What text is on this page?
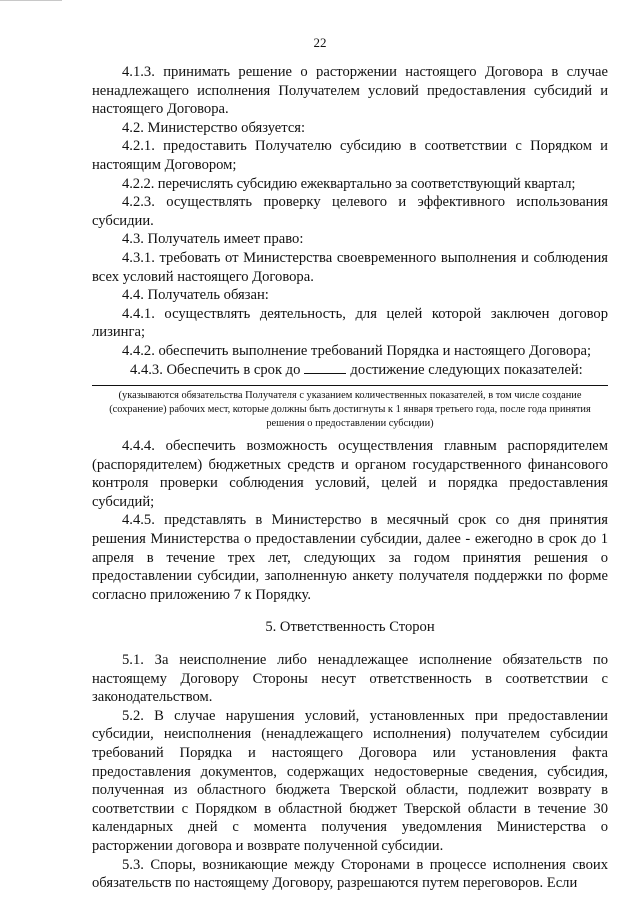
22

4.1.3. принимать решение о расторжении настоящего Договора в случае ненадлежащего исполнения Получателем условий предоставления субсидий и настоящего Договора.

4.2. Министерство обязуется:

4.2.1. предоставить Получателю субсидию в соответствии с Порядком и настоящим Договором;

4.2.2. перечислять субсидию ежеквартально за соответствующий квартал;

4.2.3. осуществлять проверку целевого и эффективного использования субсидии.

4.3. Получатель имеет право:

4.3.1. требовать от Министерства своевременного выполнения и соблюдения всех условий настоящего Договора.

4.4. Получатель обязан:

4.4.1. осуществлять деятельность, для целей которой заключен договор лизинга;

4.4.2. обеспечить выполнение требований Порядка и настоящего Договора;

4.4.3. Обеспечить в срок до	достижение следующих показателей:

(указываются обязательства Получателя с указанием количественных показателей, в том числе создание (сохранение) рабочих мест, которые должны быть достигнуты к 1 января третьего года, после года принятия решения о предоставлении субсидии)

4.4.4. обеспечить возможность осуществления главным распорядителем (распорядителем) бюджетных средств и органом государственного финансового контроля проверки соблюдения условий, целей и порядка предоставления субсидий;

4.4.5. представлять в Министерство в месячный срок со дня принятия решения Министерства о предоставлении субсидии, далее - ежегодно в срок до 1 апреля в течение трех лет, следующих за годом принятия решения о предоставлении субсидии, заполненную анкету получателя поддержки по форме согласно приложению 7 к Порядку.

5. Ответственность Сторон

5.1. За неисполнение либо ненадлежащее исполнение обязательств по настоящему Договору Стороны несут ответственность в соответствии с законодательством.

5.2. В случае нарушения условий, установленных при предоставлении субсидии, неисполнения (ненадлежащего исполнения) получателем субсидии требований Порядка и настоящего Договора или установления факта предоставления документов, содержащих недостоверные сведения, субсидия, полученная из областного бюджета Тверской области, подлежит возврату в соответствии с Порядком в областной бюджет Тверской области в течение 30 календарных дней с момента получения уведомления Министерства о расторжении договора и возврате полученной субсидии.

5.3. Споры, возникающие между Сторонами в процессе исполнения своих обязательств по настоящему Договору, разрешаются путем переговоров. Если
